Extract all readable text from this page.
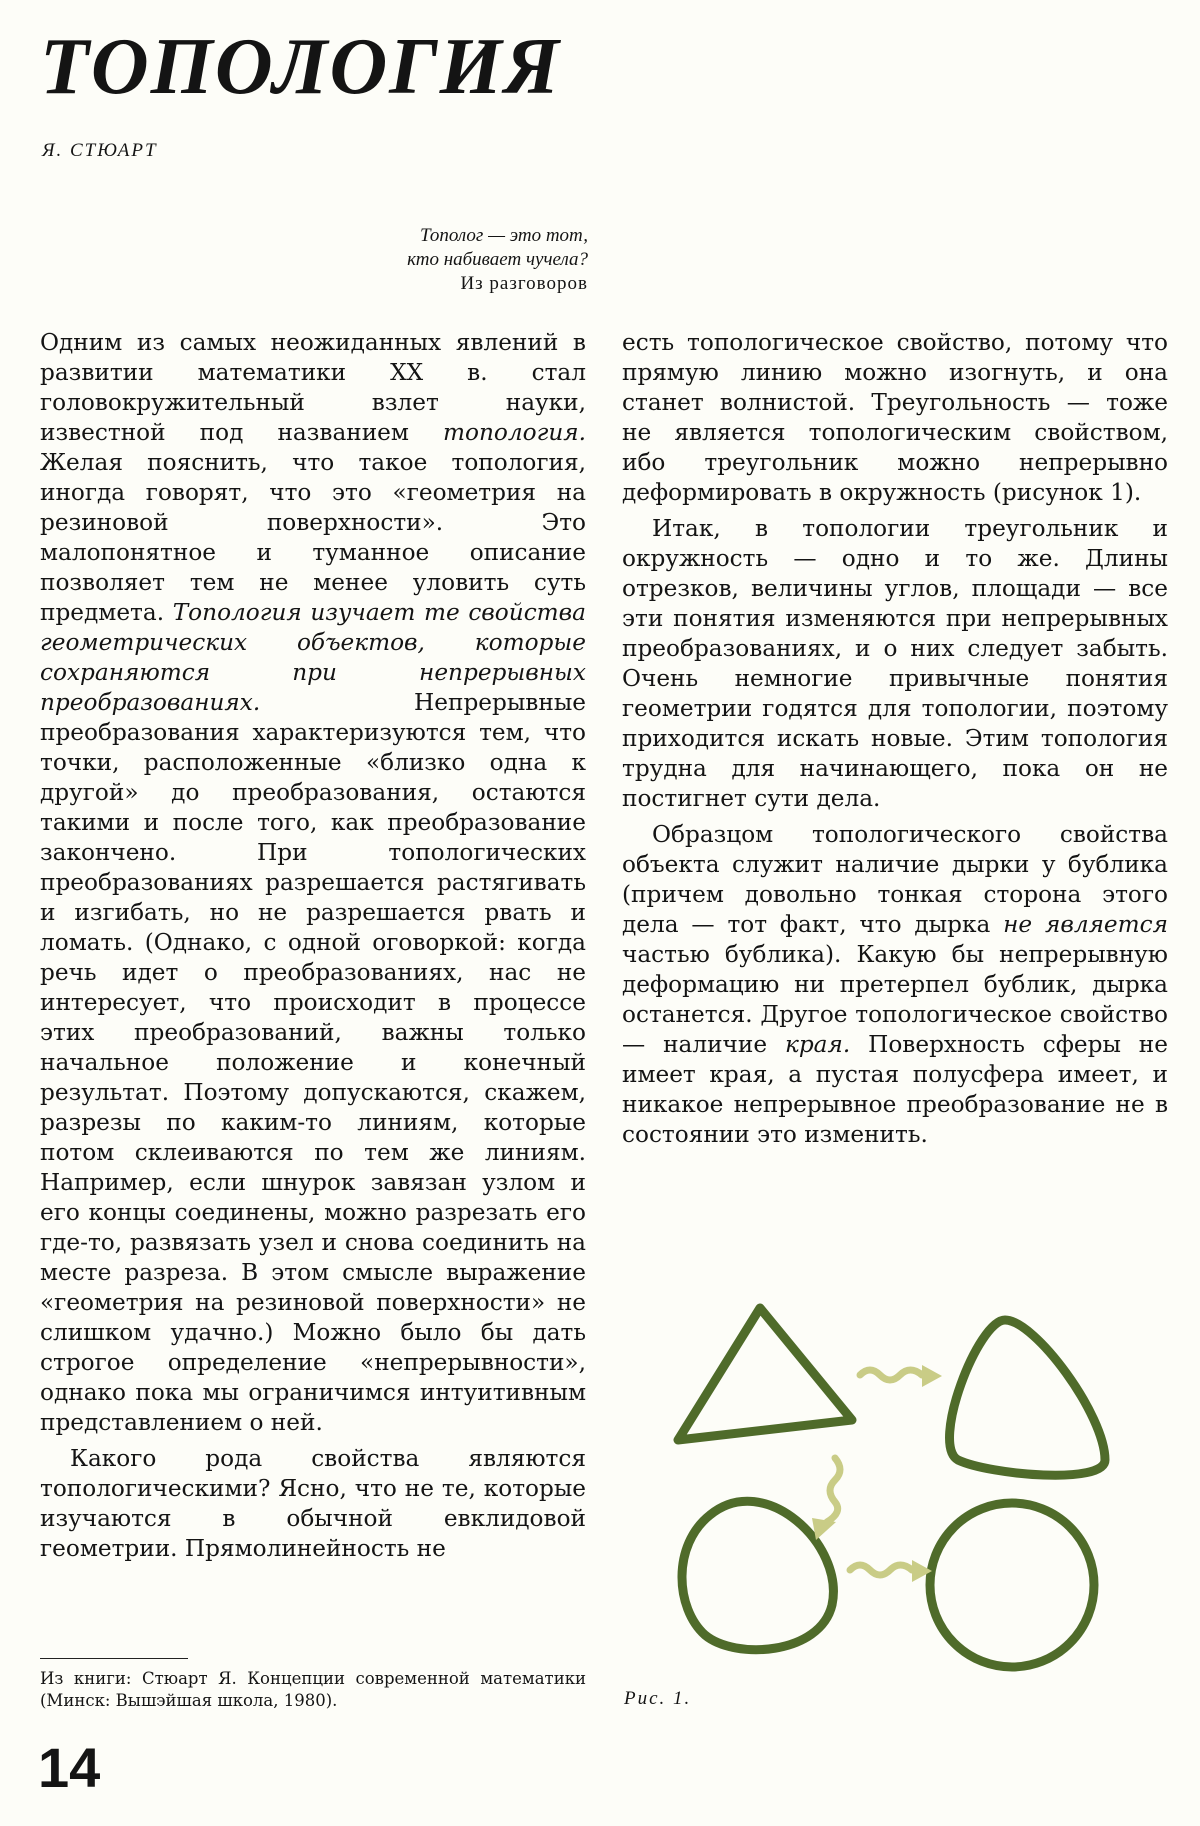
ТОПОЛОГИЯ
Я. СТЮАРТ
Тополог — это тот,
кто набивает чучела?
Из разговоров

Одним из самых неожиданных явлений в развитии математики XX в. стал головокружительный взлет науки, известной под названием топология. Желая пояснить, что такое топология, иногда говорят, что это «геометрия на резиновой поверхности». Это малопонятное и туманное описание позволяет тем не менее уловить суть предмета. Топология изучает те свойства геометрических объектов, которые сохраняются при непрерывных преобразованиях. Непрерывные преобразования характеризуются тем, что точки, расположенные «близко одна к другой» до преобразования, остаются такими и после того, как преобразование закончено. При топологических преобразованиях разрешается растягивать и изгибать, но не разрешается рвать и ломать. (Однако, с одной оговоркой: когда речь идет о преобразованиях, нас не интересует, что происходит в процессе этих преобразований, важны только начальное положение и конечный результат. Поэтому допускаются, скажем, разрезы по каким-то линиям, которые потом склеиваются по тем же линиям. Например, если шнурок завязан узлом и его концы соединены, можно разрезать его где-то, развязать узел и снова соединить на месте разреза. В этом смысле выражение «геометрия на резиновой поверхности» не слишком удачно.) Можно было бы дать строгое определение «непрерывности», однако пока мы ограничимся интуитивным представлением о ней.

Какого рода свойства являются топологическими? Ясно, что не те, которые изучаются в обычной евклидовой геометрии. Прямолинейность не

есть топологическое свойство, потому что прямую линию можно изогнуть, и она станет волнистой. Треугольность — тоже не является топологическим свойством, ибо треугольник можно непрерывно деформировать в окружность (рисунок 1).

Итак, в топологии треугольник и окружность — одно и то же. Длины отрезков, величины углов, площади — все эти понятия изменяются при непрерывных преобразованиях, и о них следует забыть. Очень немногие привычные понятия геометрии годятся для топологии, поэтому приходится искать новые. Этим топология трудна для начинающего, пока он не постигнет сути дела.

Образцом топологического свойства объекта служит наличие дырки у бублика (причем довольно тонкая сторона этого дела — тот факт, что дырка не является частью бублика). Какую бы непрерывную деформацию ни претерпел бублик, дырка останется. Другое топологическое свойство — наличие края. Поверхность сферы не имеет края, а пустая полусфера имеет, и никакое непрерывное преобразование не в состоянии это изменить.

Рис. 1.
Из книги: Стюарт Я. Концепции современной математики (Минск: Вышэйшая школа, 1980).
14
